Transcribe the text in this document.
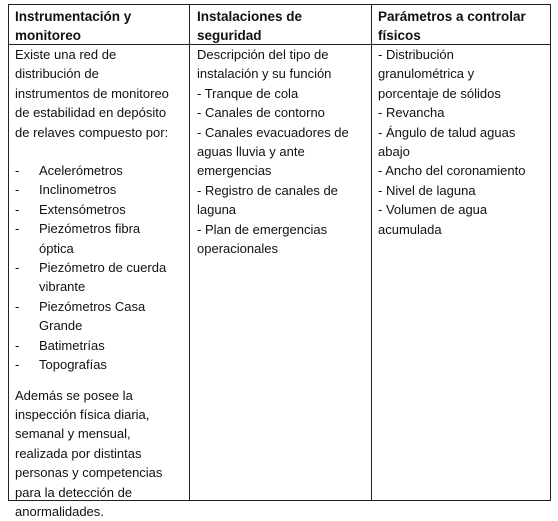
Instrumentación y
monitoreo
Instalaciones de
seguridad
Parámetros a controlar
físicos
Existe una red de
distribución de
instrumentos de monitoreo
de estabilidad en depósito
de relaves compuesto por:
- Acelerómetros
- Inclinometros
- Extensómetros
- Piezómetros fibra
óptica
- Piezómetro de cuerda
vibrante
- Piezómetros Casa
Grande
- Batimetrías
- Topografías
Además se posee la
inspección física diaria,
semanal y mensual,
realizada por distintas
personas y competencias
para la detección de
anormalidades.
Descripción del tipo de
instalación y su función
- Tranque de cola
- Canales de contorno
- Canales evacuadores de
aguas lluvia y ante
emergencias
- Registro de canales de
laguna
- Plan de emergencias
operacionales
- Distribución
granulométrica y
porcentaje de sólidos
- Revancha
- Ángulo de talud aguas
abajo
- Ancho del coronamiento
- Nivel de laguna
- Volumen de agua
acumulada
